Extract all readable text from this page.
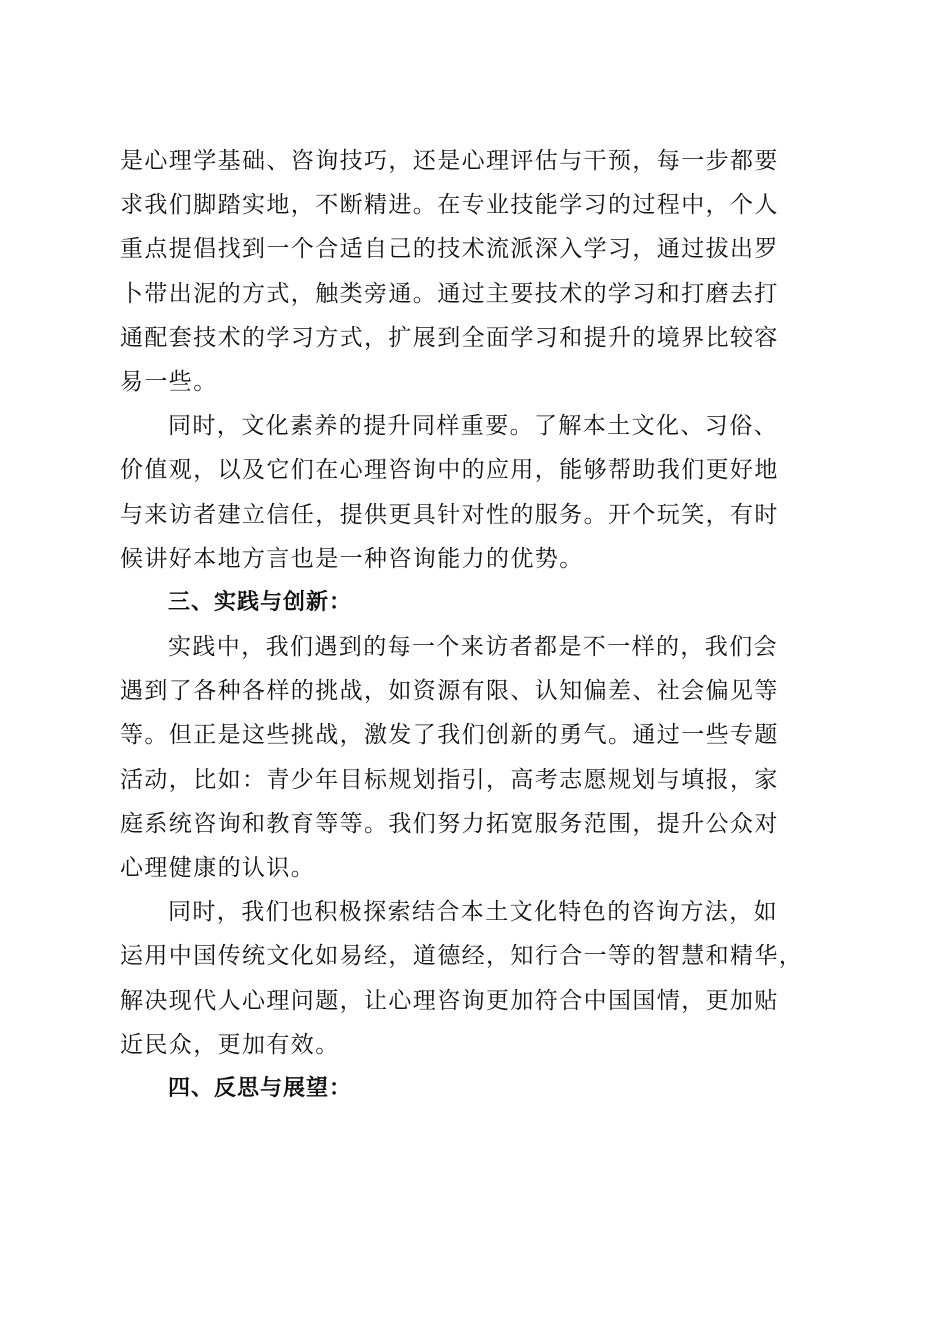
是心理学基础、咨询技巧，还是心理评估与干预，每一步都要
求我们脚踏实地，不断精进。在专业技能学习的过程中，个人
重点提倡找到一个合适自己的技术流派深入学习，通过拔出罗
卜带出泥的方式，触类旁通。通过主要技术的学习和打磨去打
通配套技术的学习方式，扩展到全面学习和提升的境界比较容
易一些。
同时，文化素养的提升同样重要。了解本土文化、习俗、
价值观，以及它们在心理咨询中的应用，能够帮助我们更好地
与来访者建立信任，提供更具针对性的服务。开个玩笑，有时
候讲好本地方言也是一种咨询能力的优势。
三、实践与创新：
实践中，我们遇到的每一个来访者都是不一样的，我们会
遇到了各种各样的挑战，如资源有限、认知偏差、社会偏见等
等。但正是这些挑战，激发了我们创新的勇气。通过一些专题
活动，比如：青少年目标规划指引，高考志愿规划与填报，家
庭系统咨询和教育等等。我们努力拓宽服务范围，提升公众对
心理健康的认识。
同时，我们也积极探索结合本土文化特色的咨询方法，如
运用中国传统文化如易经，道德经，知行合一等的智慧和精华，
解决现代人心理问题，让心理咨询更加符合中国国情，更加贴
近民众，更加有效。
四、反思与展望：
